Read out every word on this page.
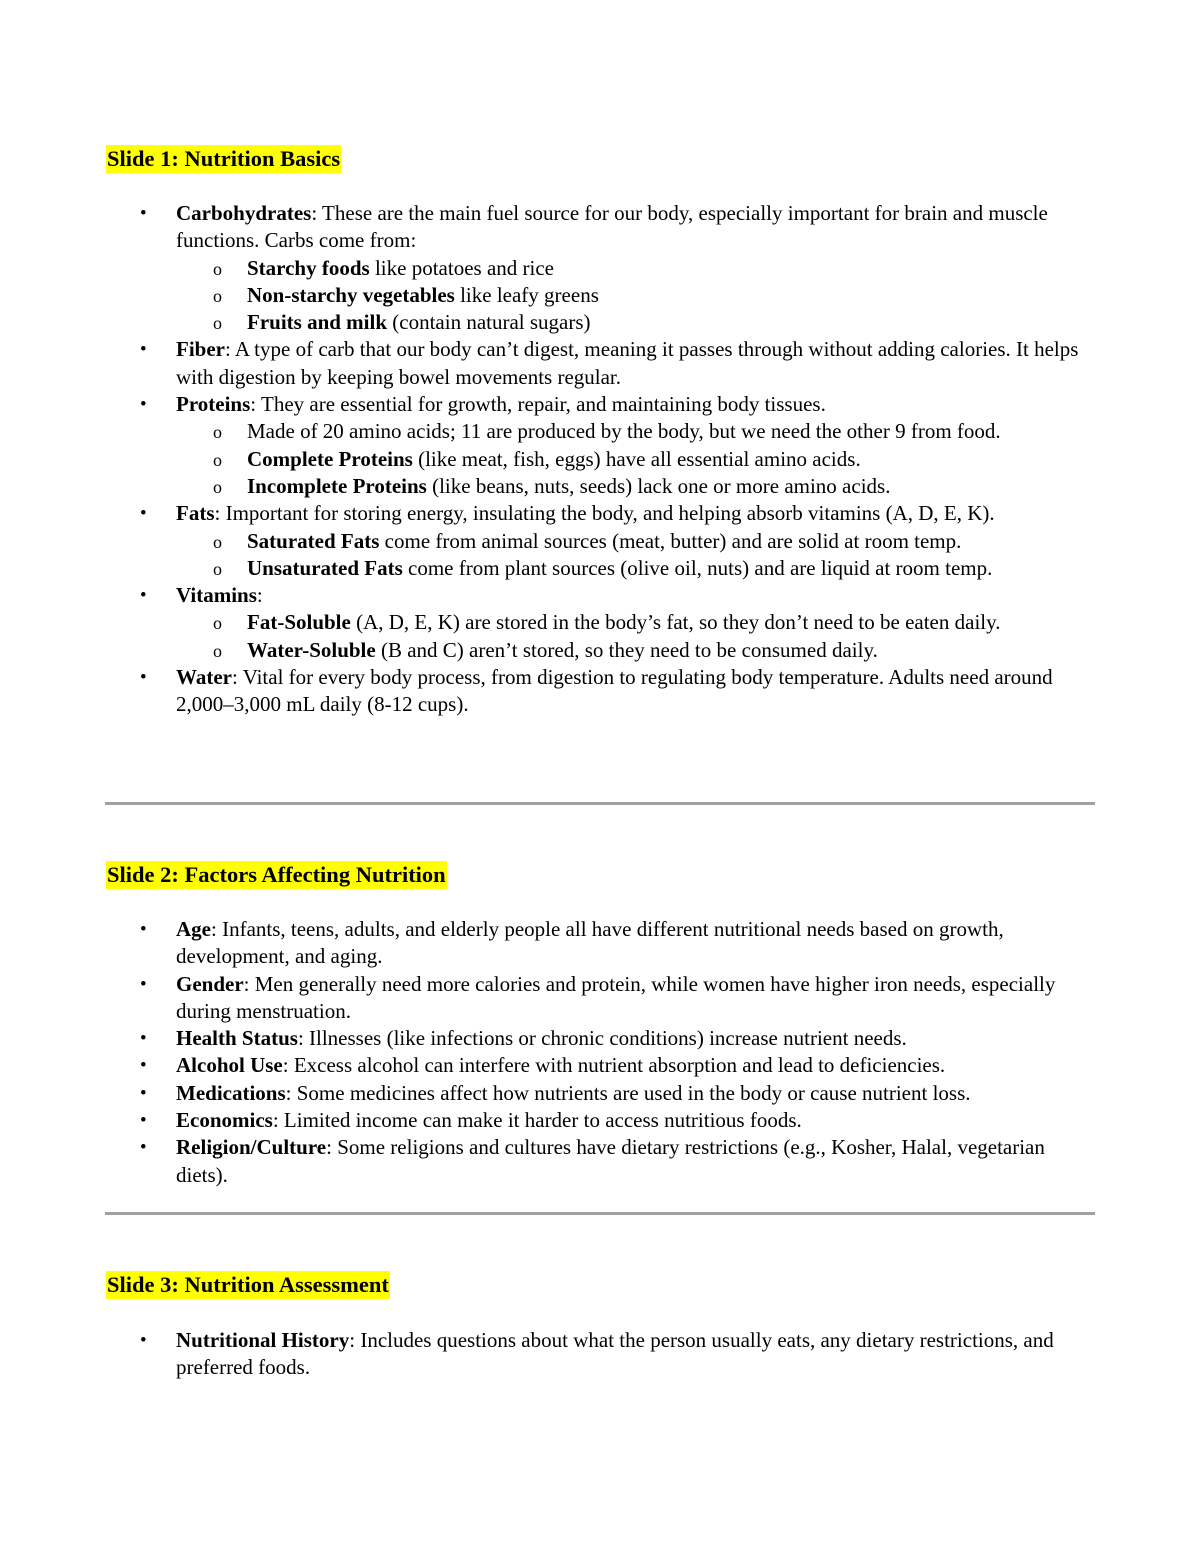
Slide 1: Nutrition Basics
• Carbohydrates: These are the main fuel source for our body, especially important for brain and muscle functions. Carbs come from:
o Starchy foods like potatoes and rice
o Non-starchy vegetables like leafy greens
o Fruits and milk (contain natural sugars)
• Fiber: A type of carb that our body can’t digest, meaning it passes through without adding calories. It helps with digestion by keeping bowel movements regular.
• Proteins: They are essential for growth, repair, and maintaining body tissues.
o Made of 20 amino acids; 11 are produced by the body, but we need the other 9 from food.
o Complete Proteins (like meat, fish, eggs) have all essential amino acids.
o Incomplete Proteins (like beans, nuts, seeds) lack one or more amino acids.
• Fats: Important for storing energy, insulating the body, and helping absorb vitamins (A, D, E, K).
o Saturated Fats come from animal sources (meat, butter) and are solid at room temp.
o Unsaturated Fats come from plant sources (olive oil, nuts) and are liquid at room temp.
• Vitamins:
o Fat-Soluble (A, D, E, K) are stored in the body’s fat, so they don’t need to be eaten daily.
o Water-Soluble (B and C) aren’t stored, so they need to be consumed daily.
• Water: Vital for every body process, from digestion to regulating body temperature. Adults need around 2,000–3,000 mL daily (8-12 cups).
Slide 2: Factors Affecting Nutrition
• Age: Infants, teens, adults, and elderly people all have different nutritional needs based on growth, development, and aging.
• Gender: Men generally need more calories and protein, while women have higher iron needs, especially during menstruation.
• Health Status: Illnesses (like infections or chronic conditions) increase nutrient needs.
• Alcohol Use: Excess alcohol can interfere with nutrient absorption and lead to deficiencies.
• Medications: Some medicines affect how nutrients are used in the body or cause nutrient loss.
• Economics: Limited income can make it harder to access nutritious foods.
• Religion/Culture: Some religions and cultures have dietary restrictions (e.g., Kosher, Halal, vegetarian diets).
Slide 3: Nutrition Assessment
• Nutritional History: Includes questions about what the person usually eats, any dietary restrictions, and preferred foods.
